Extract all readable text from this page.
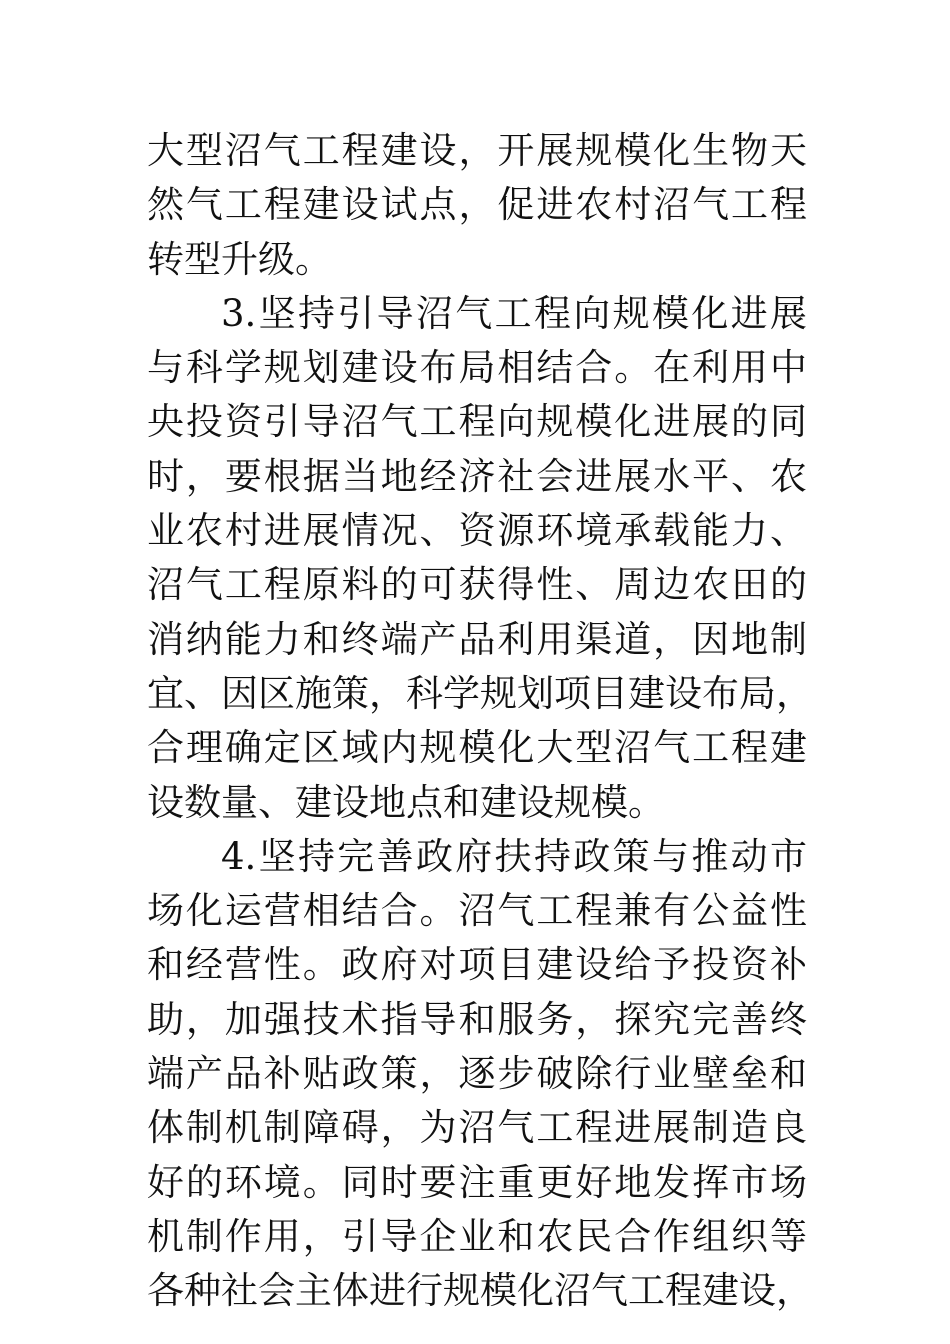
大型沼气工程建设，开展规模化生物天
然气工程建设试点，促进农村沼气工程
转型升级。
3.坚持引导沼气工程向规模化进展
与科学规划建设布局相结合。在利用中
央投资引导沼气工程向规模化进展的同
时，要根据当地经济社会进展水平、农
业农村进展情况、资源环境承载能力、
沼气工程原料的可获得性、周边农田的
消纳能力和终端产品利用渠道，因地制
宜、因区施策，科学规划项目建设布局，
合理确定区域内规模化大型沼气工程建
设数量、建设地点和建设规模。
4.坚持完善政府扶持政策与推动市
场化运营相结合。沼气工程兼有公益性
和经营性。政府对项目建设给予投资补
助，加强技术指导和服务，探究完善终
端产品补贴政策，逐步破除行业壁垒和
体制机制障碍，为沼气工程进展制造良
好的环境。同时要注重更好地发挥市场
机制作用，引导企业和农民合作组织等
各种社会主体进行规模化沼气工程建设，
